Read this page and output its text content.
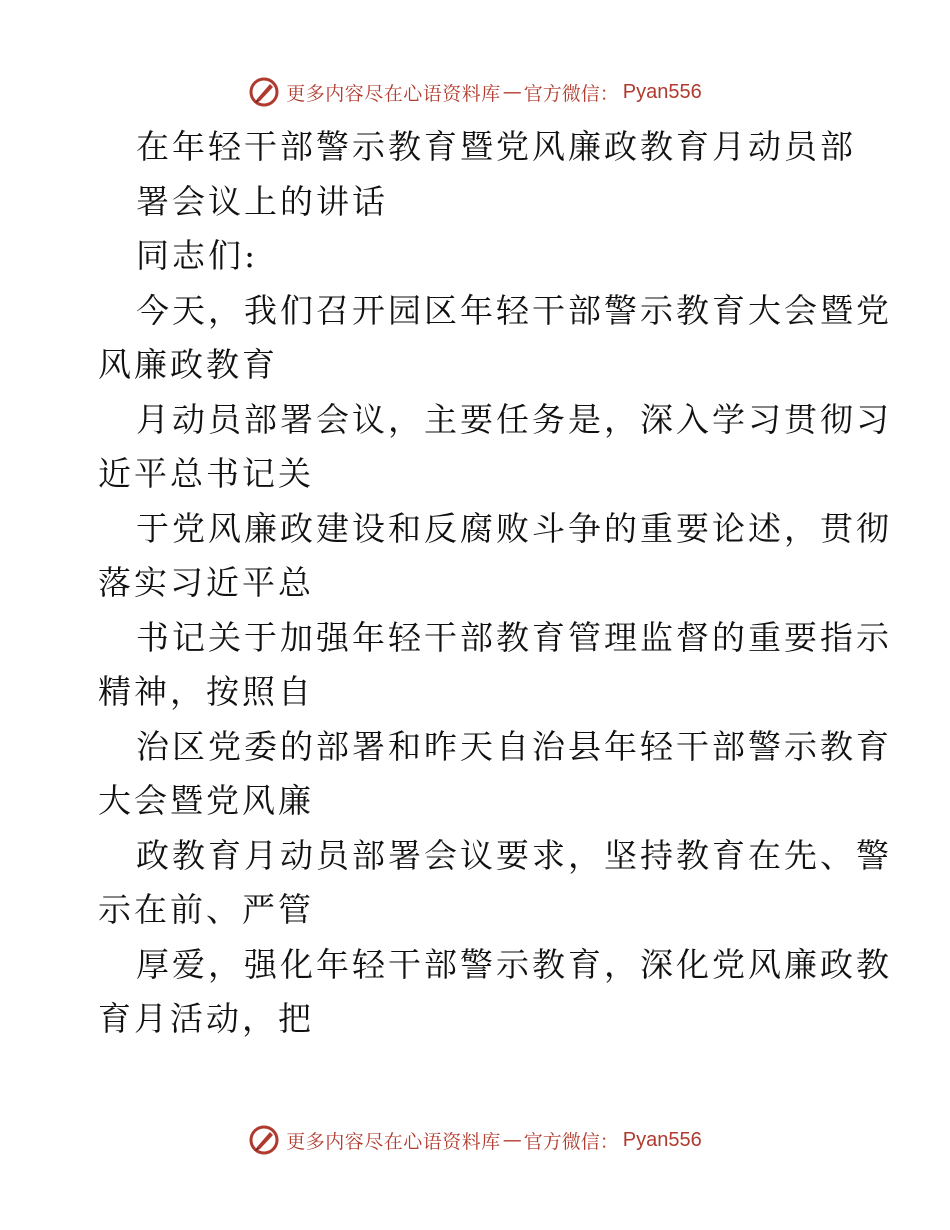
更多内容尽在心语资料库 — 官方微信： Pyan556

在年轻干部警示教育暨党风廉政教育月动员部

署会议上的讲话

同志们:

今天，我们召开园区年轻干部警示教育大会暨党

风廉政教育

月动员部署会议，主要任务是，深入学习贯彻习

近平总书记关

于党风廉政建设和反腐败斗争的重要论述，贯彻

落实习近平总

书记关于加强年轻干部教育管理监督的重要指示

精神，按照自

治区党委的部署和昨天自治县年轻干部警示教育

大会暨党风廉

政教育月动员部署会议要求，坚持教育在先、警

示在前、严管

厚爱，强化年轻干部警示教育，深化党风廉政教

育月活动，把

更多内容尽在心语资料库 — 官方微信： Pyan556
